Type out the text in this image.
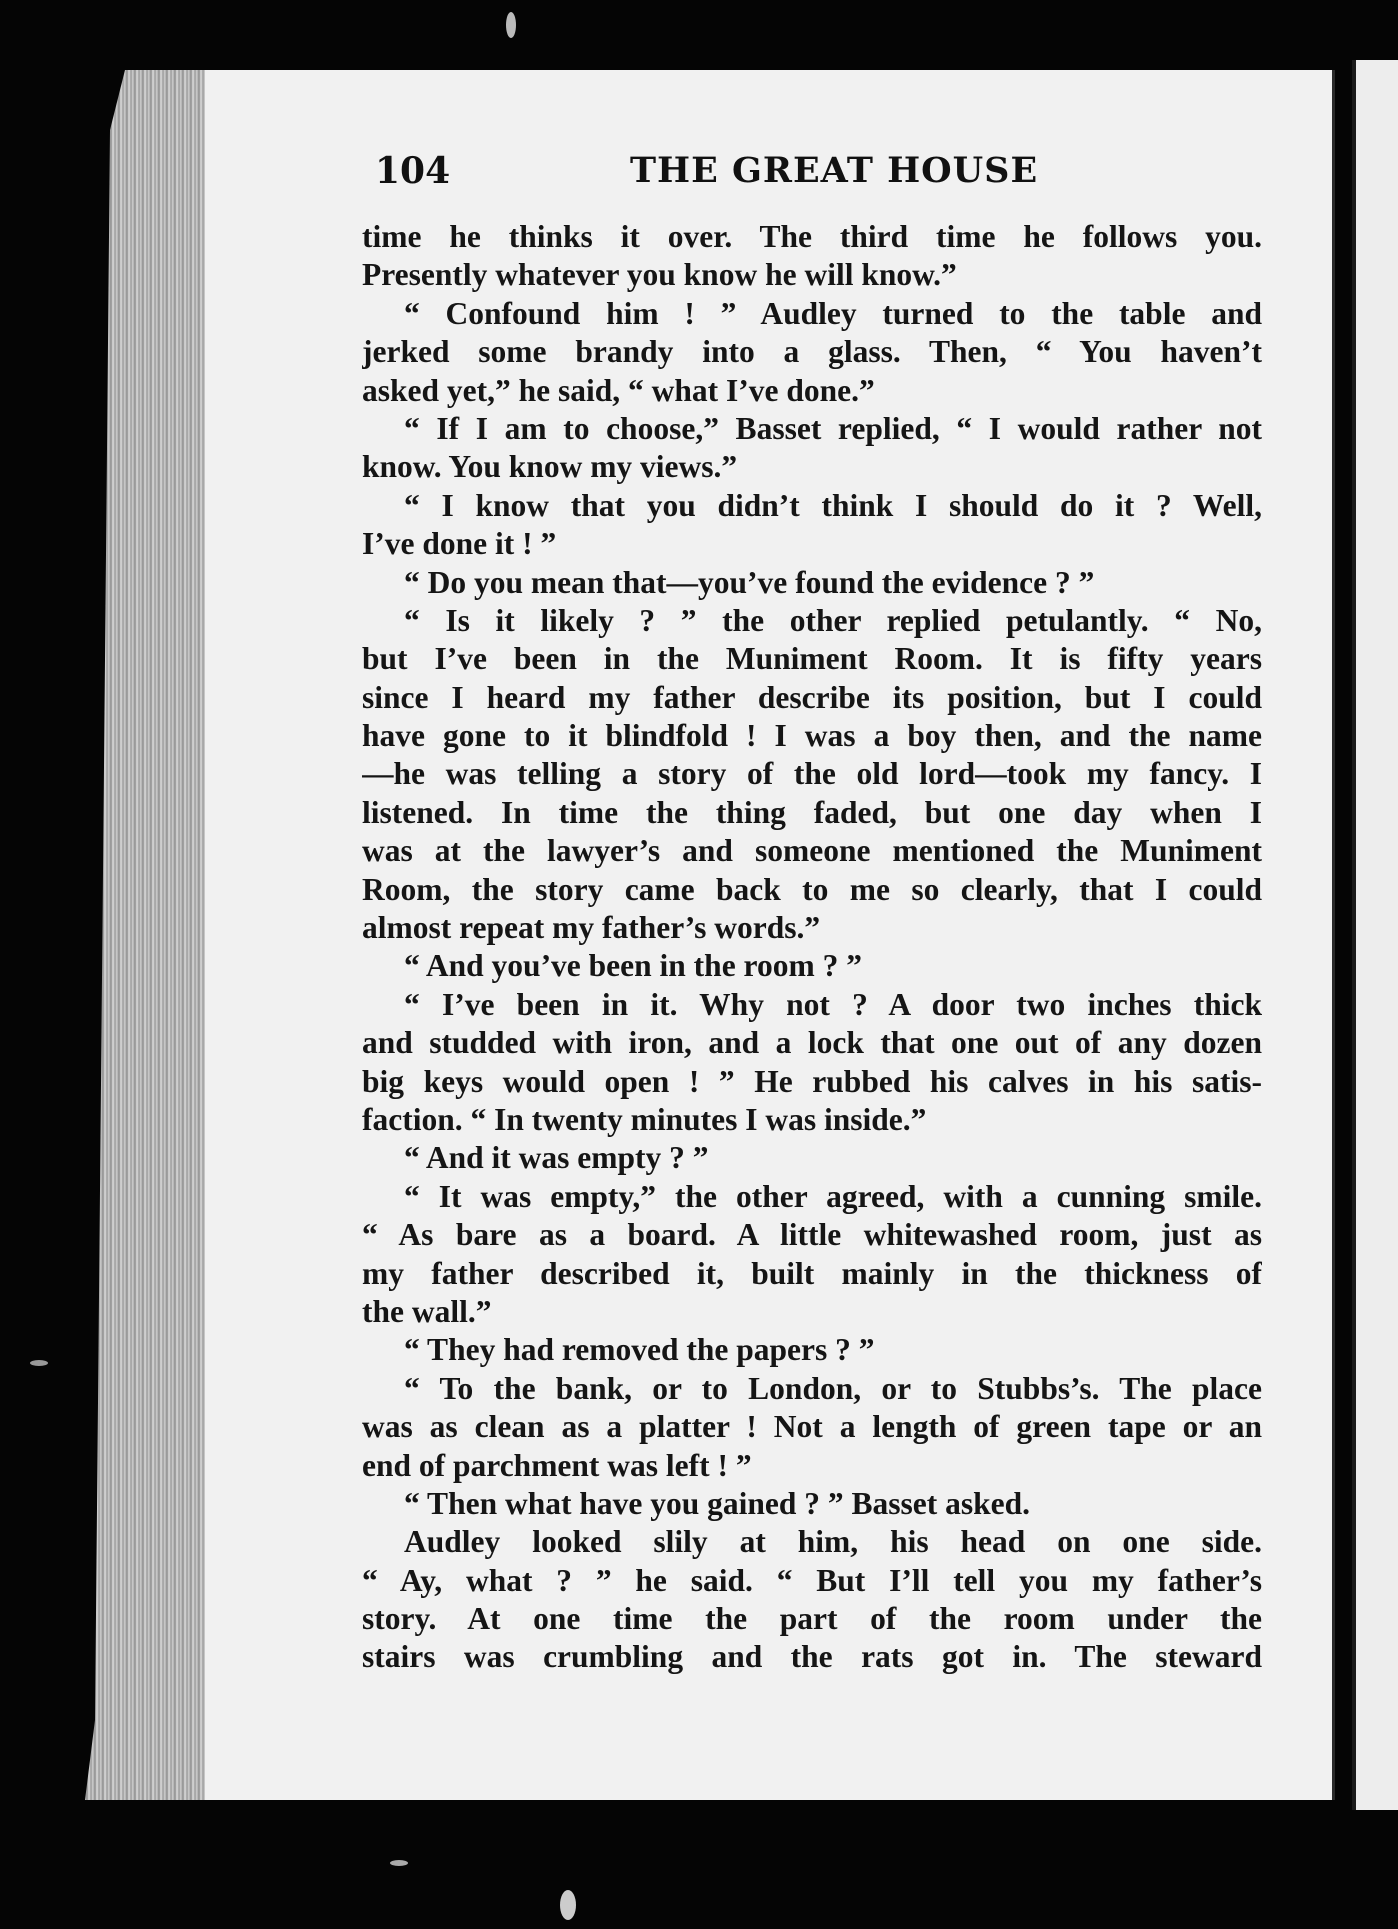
104	THE GREAT HOUSE
time he thinks it over. The third time he follows you.
Presently whatever you know he will know.”
“ Confound him ! ” Audley turned to the table and
jerked some brandy into a glass. Then, “ You haven’t
asked yet,” he said, “ what I’ve done.”
“ If I am to choose,” Basset replied, “ I would rather not
know. You know my views.”
“ I know that you didn’t think I should do it ? Well,
I’ve done it ! ”
“ Do you mean that—you’ve found the evidence ? ”
“ Is it likely ? ” the other replied petulantly. “ No,
but I’ve been in the Muniment Room. It is fifty years
since I heard my father describe its position, but I could
have gone to it blindfold ! I was a boy then, and the name
—he was telling a story of the old lord—took my fancy. I
listened. In time the thing faded, but one day when I
was at the lawyer’s and someone mentioned the Muniment
Room, the story came back to me so clearly, that I could
almost repeat my father’s words.”
“ And you’ve been in the room ? ”
“ I’ve been in it. Why not ? A door two inches thick
and studded with iron, and a lock that one out of any dozen
big keys would open ! ” He rubbed his calves in his satis-
faction. “ In twenty minutes I was inside.”
“ And it was empty ? ”
“ It was empty,” the other agreed, with a cunning smile.
“ As bare as a board. A little whitewashed room, just as
my father described it, built mainly in the thickness of
the wall.”
“ They had removed the papers ? ”
“ To the bank, or to London, or to Stubbs’s. The place
was as clean as a platter ! Not a length of green tape or an
end of parchment was left ! ”
“ Then what have you gained ? ” Basset asked.
Audley looked slily at him, his head on one side.
“ Ay, what ? ” he said. “ But I’ll tell you my father’s
story. At one time the part of the room under the
stairs was crumbling and the rats got in. The steward
